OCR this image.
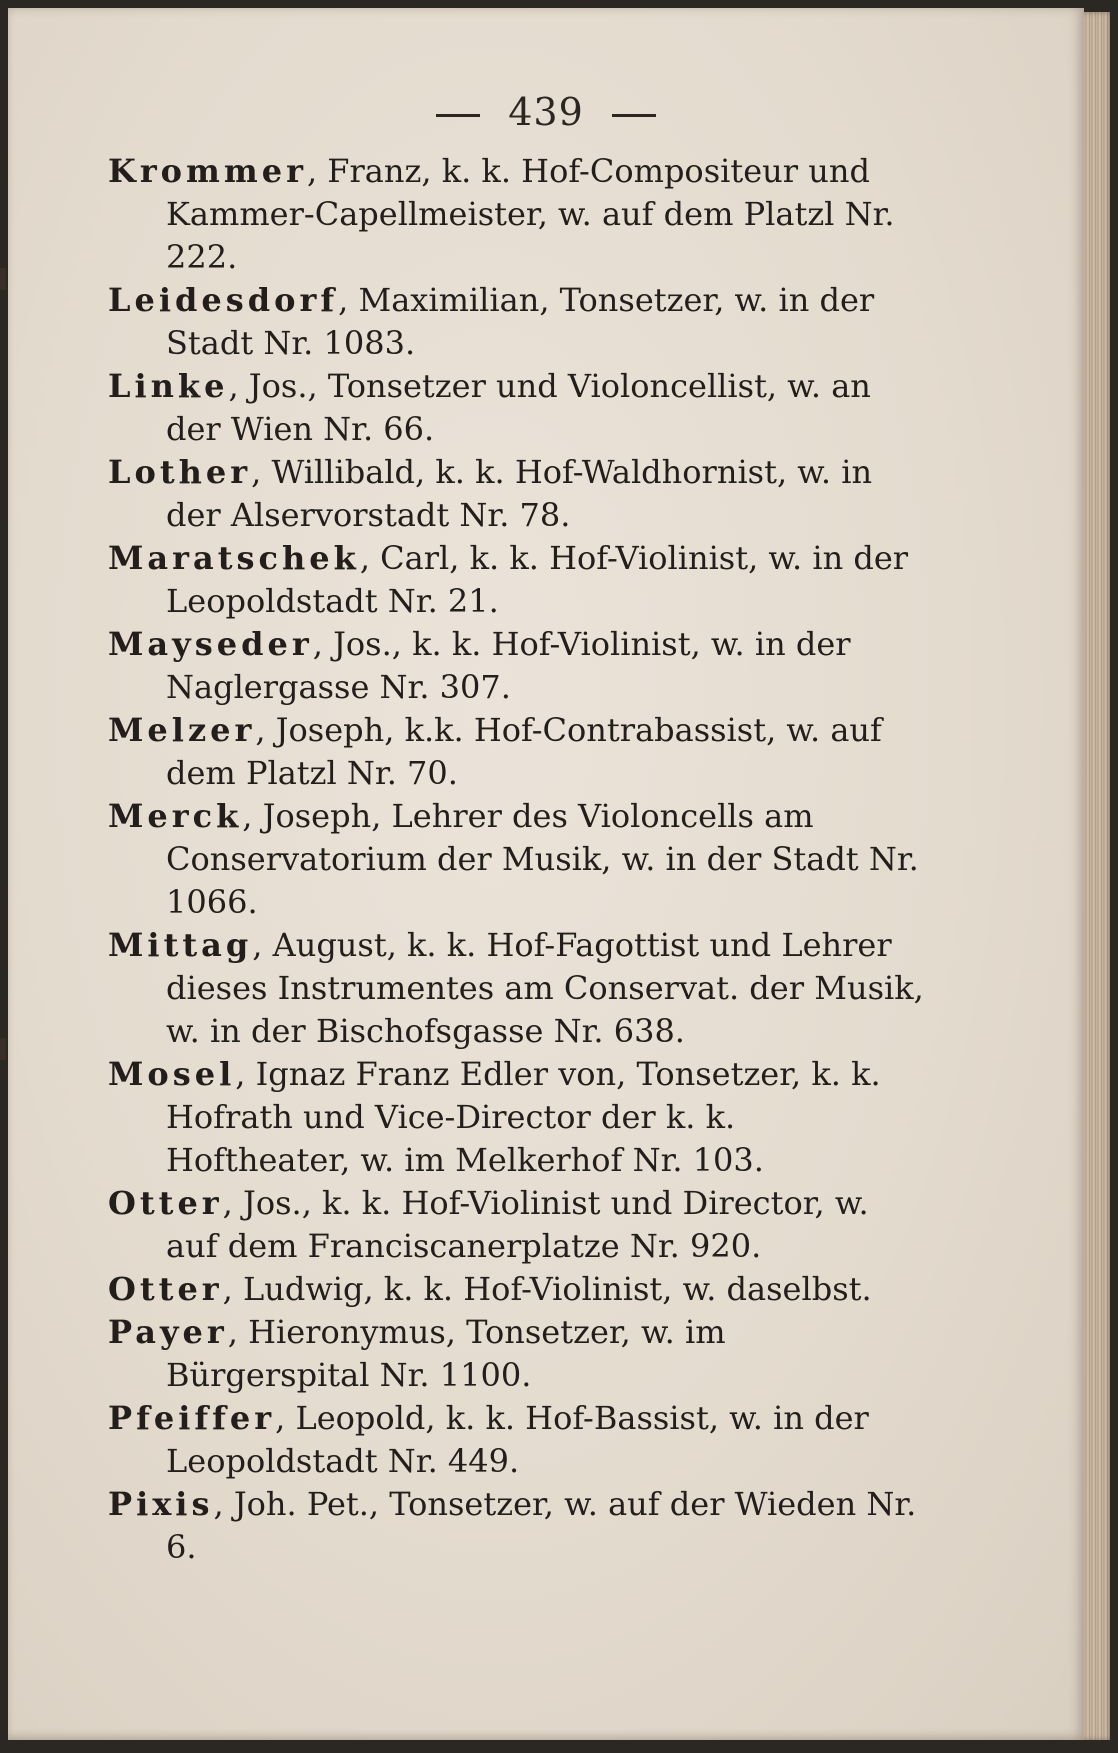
439

Krommer, Franz, k. k. Hof-Compositeur und Kammer-Capellmeister, w. auf dem Platzl Nr. 222.

Leidesdorf, Maximilian, Tonsetzer, w. in der Stadt Nr. 1083.

Linke, Jos., Tonsetzer und Violoncellist, w. an der Wien Nr. 66.

Lother, Willibald, k. k. Hof-Waldhornist, w. in der Alservorstadt Nr. 78.

Maratschek, Carl, k. k. Hof-Violinist, w. in der Leopoldstadt Nr. 21.

Mayseder, Jos., k. k. Hof-Violinist, w. in der Naglergasse Nr. 307.

Melzer, Joseph, k.k. Hof-Contrabassist, w. auf dem Platzl Nr. 70.

Merck, Joseph, Lehrer des Violoncells am Conservatorium der Musik, w. in der Stadt Nr. 1066.

Mittag, August, k. k. Hof-Fagottist und Lehrer dieses Instrumentes am Conservat. der Musik, w. in der Bischofsgasse Nr. 638.

Mosel, Ignaz Franz Edler von, Tonsetzer, k. k. Hofrath und Vice-Director der k. k. Hoftheater, w. im Melkerhof Nr. 103.

Otter, Jos., k. k. Hof-Violinist und Director, w. auf dem Franciscanerplatze Nr. 920.

Otter, Ludwig, k. k. Hof-Violinist, w. daselbst.

Payer, Hieronymus, Tonsetzer, w. im Bürgerspital Nr. 1100.

Pfeiffer, Leopold, k. k. Hof-Bassist, w. in der Leopoldstadt Nr. 449.

Pixis, Joh. Pet., Tonsetzer, w. auf der Wieden Nr. 6.
